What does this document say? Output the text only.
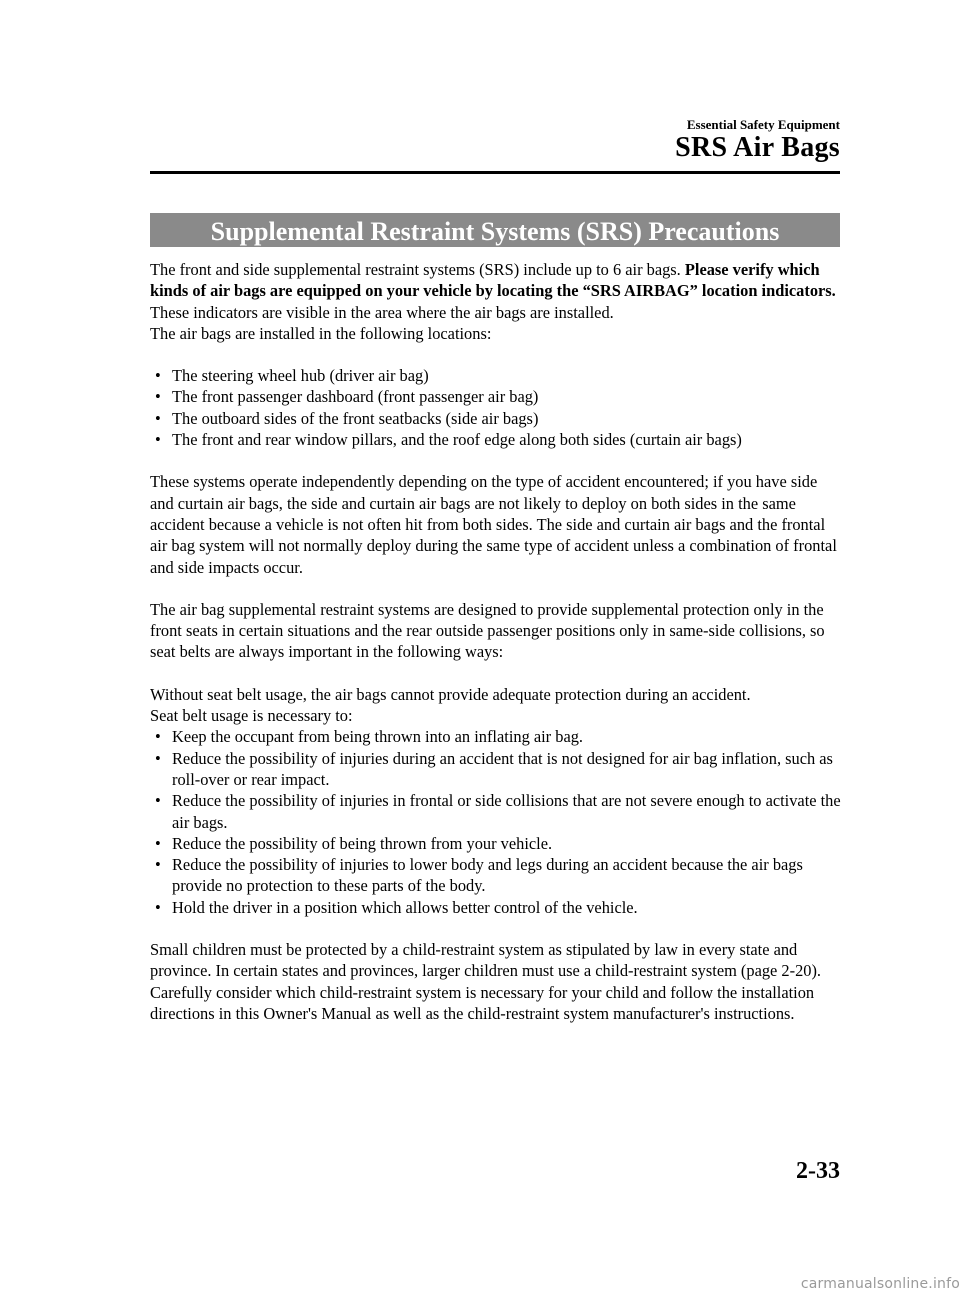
Essential Safety Equipment
SRS Air Bags
Supplemental Restraint Systems (SRS) Precautions

The front and side supplemental restraint systems (SRS) include up to 6 air bags. Please verify which kinds of air bags are equipped on your vehicle by locating the “SRS AIRBAG” location indicators. These indicators are visible in the area where the air bags are installed.

The air bags are installed in the following locations:

• The steering wheel hub (driver air bag)
• The front passenger dashboard (front passenger air bag)
• The outboard sides of the front seatbacks (side air bags)
• The front and rear window pillars, and the roof edge along both sides (curtain air bags)

These systems operate independently depending on the type of accident encountered; if you have side and curtain air bags, the side and curtain air bags are not likely to deploy on both sides in the same accident because a vehicle is not often hit from both sides. The side and curtain air bags and the frontal air bag system will not normally deploy during the same type of accident unless a combination of frontal and side impacts occur.

The air bag supplemental restraint systems are designed to provide supplemental protection only in the front seats in certain situations and the rear outside passenger positions only in same-side collisions, so seat belts are always important in the following ways:

Without seat belt usage, the air bags cannot provide adequate protection during an accident.

Seat belt usage is necessary to:

• Keep the occupant from being thrown into an inflating air bag.
• Reduce the possibility of injuries during an accident that is not designed for air bag inflation, such as roll-over or rear impact.
• Reduce the possibility of injuries in frontal or side collisions that are not severe enough to activate the air bags.
• Reduce the possibility of being thrown from your vehicle.
• Reduce the possibility of injuries to lower body and legs during an accident because the air bags provide no protection to these parts of the body.
• Hold the driver in a position which allows better control of the vehicle.

Small children must be protected by a child-restraint system as stipulated by law in every state and province. In certain states and provinces, larger children must use a child-restraint system (page 2-20).

Carefully consider which child-restraint system is necessary for your child and follow the installation directions in this Owner's Manual as well as the child-restraint system manufacturer's instructions.

2-33
carmanualsonline.info
